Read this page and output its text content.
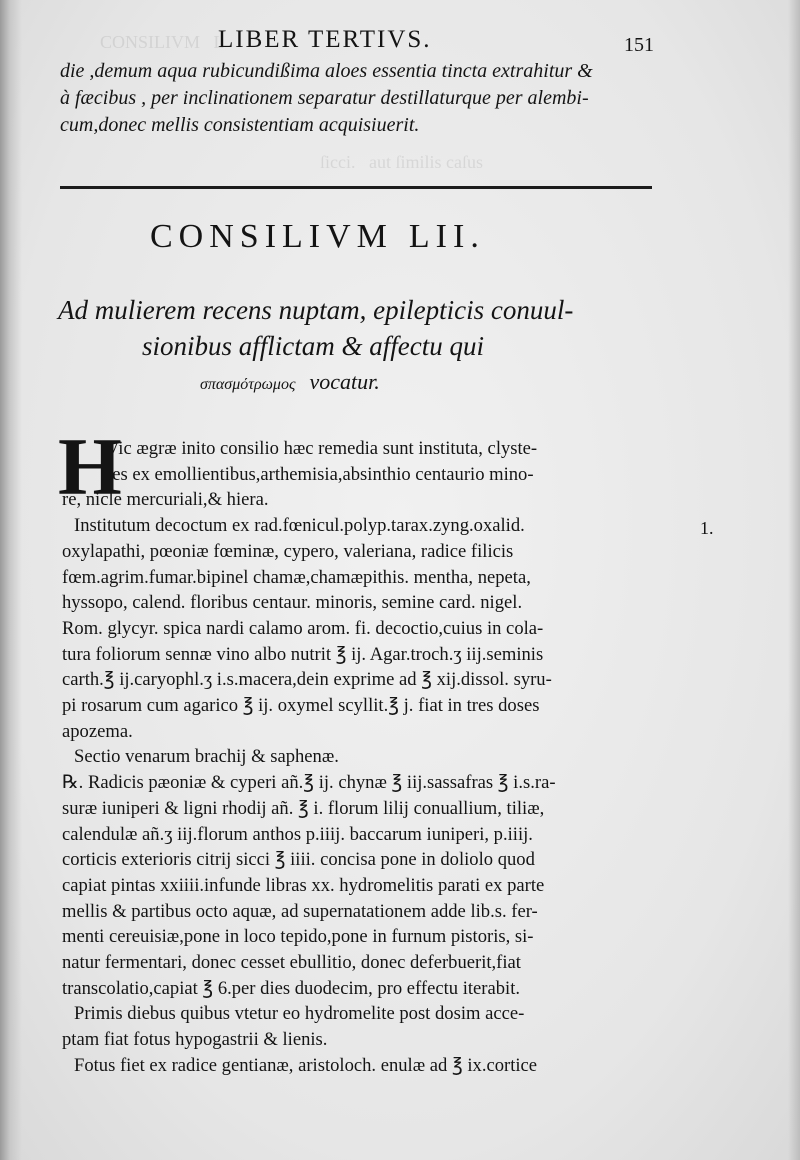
CONSILIVM   L
ſicci.   aut ſimilis caſus
LIBER TERTIVS.	151
die ,demum aqua rubicundißima aloes essentia tincta extrahitur &
à fæcibus , per inclinationem separatur destillaturque per alembi-
cum,donec mellis consistentiam acquisiuerit.
CONSILIVM LII.
Ad mulierem recens nuptam, epilepticis conuul-
sionibus afflictam & affectu qui
σπασμότρωμος vocatur.
H
Vic ægræ inito consilio hæc remedia sunt instituta, clyste-
res ex emollientibus,arthemisia,absinthio centaurio mino-
re, nicle mercuriali,& hiera.
Institutum decoctum ex rad.fœnicul.polyp.tarax.zyng.oxalid.
oxylapathi, pœoniæ fœminæ, cypero, valeriana, radice filicis
fœm.agrim.fumar.bipinel chamæ,chamæpithis. mentha, nepeta,
hyssopo, calend. floribus centaur. minoris, semine card. nigel.
Rom. glycyr. spica nardi calamo arom. fi. decoctio,cuius in cola-
tura foliorum sennæ vino albo nutrit ℥ ij. Agar.troch.ʒ iij.seminis
carth.℥ ij.caryophl.ʒ i.s.macera,dein exprime ad ℥ xij.dissol. syru-
pi rosarum cum agarico ℥ ij. oxymel scyllit.℥ j. fiat in tres doses
apozema.
Sectio venarum brachij & saphenæ.
℞. Radicis pæoniæ & cyperi añ.℥ ij. chynæ ℥ iij.sassafras ℥ i.s.ra-
suræ iuniperi & ligni rhodij añ. ℥ i. florum lilij conuallium, tiliæ,
calendulæ añ.ʒ iij.florum anthos p.iiij. baccarum iuniperi, p.iiij.
corticis exterioris citrij sicci ℥ iiii. concisa pone in doliolo quod
capiat pintas xxiiii.infunde libras xx. hydromelitis parati ex parte
mellis & partibus octo aquæ, ad supernatationem adde lib.s. fer-
menti cereuisiæ,pone in loco tepido,pone in furnum pistoris, si-
natur fermentari, donec cesset ebullitio, donec deferbuerit,fiat
transcolatio,capiat ℥ 6.per dies duodecim, pro effectu iterabit.
Primis diebus quibus vtetur eo hydromelite post dosim acce-
ptam fiat fotus hypogastrii & lienis.
Fotus fiet ex radice gentianæ, aristoloch. enulæ ad ℥ ix.cortice
1.
